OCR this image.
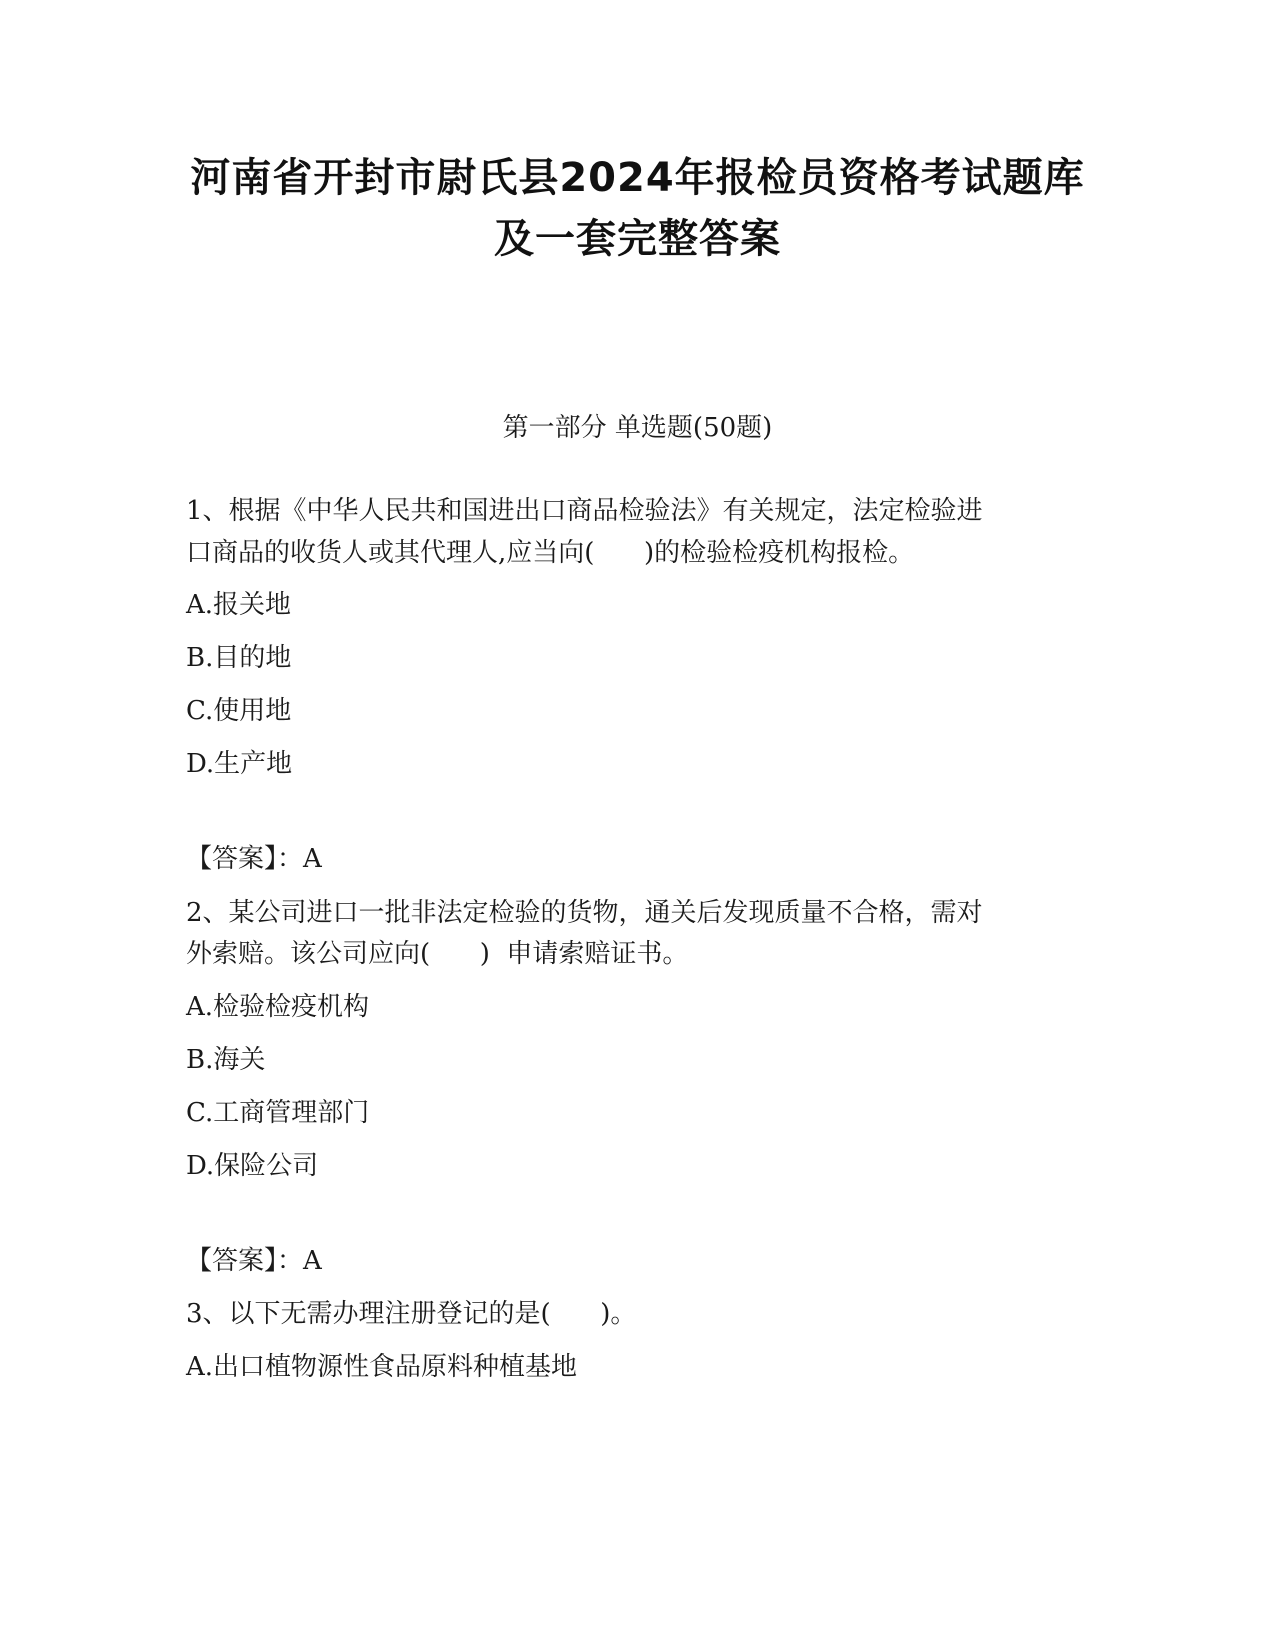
河南省开封市尉氏县2024年报检员资格考试题库
及一套完整答案
第一部分 单选题(50题)
1、根据《中华人民共和国进出口商品检验法》有关规定，法定检验进
口商品的收货人或其代理人,应当向(      )的检验检疫机构报检。
A.报关地
B.目的地
C.使用地
D.生产地
【答案】：A
2、某公司进口一批非法定检验的货物，通关后发现质量不合格，需对
外索赔。该公司应向(      )  申请索赔证书。
A.检验检疫机构
B.海关
C.工商管理部门
D.保险公司
【答案】：A
3、以下无需办理注册登记的是(      )。
A.出口植物源性食品原料种植基地
